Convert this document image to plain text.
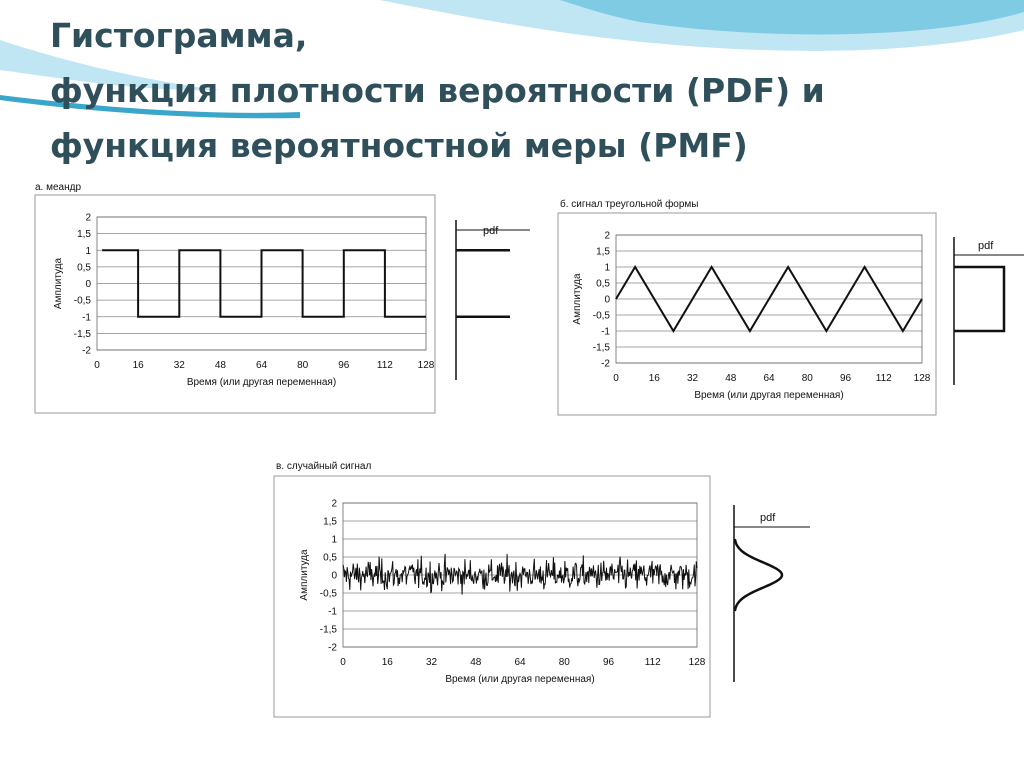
Гистограмма,
функция плотности вероятности (PDF) и
функция вероятностной меры (PMF)
а. меандр
2
1,5
1
0,5
0
-0,5
-1
-1,5
-2
0	16	32	48	64	80	96	112 128
Время (или другая переменная)
Амплитуда
pdf
б. сигнал треугольной формы
2
1,5
1
0,5
0
-0,5
-1
-1,5
-2
0	16	32	48	64	80	96 112 128
Время (или другая переменная)
Амплитуда
pdf
в. случайный сигнал
2
1,5
1
0,5
0
-0,5
-1
-1,5
-2
0	16	32	48	64	80	96	112	128
Время (или другая переменная)
Амплитуда
pdf
